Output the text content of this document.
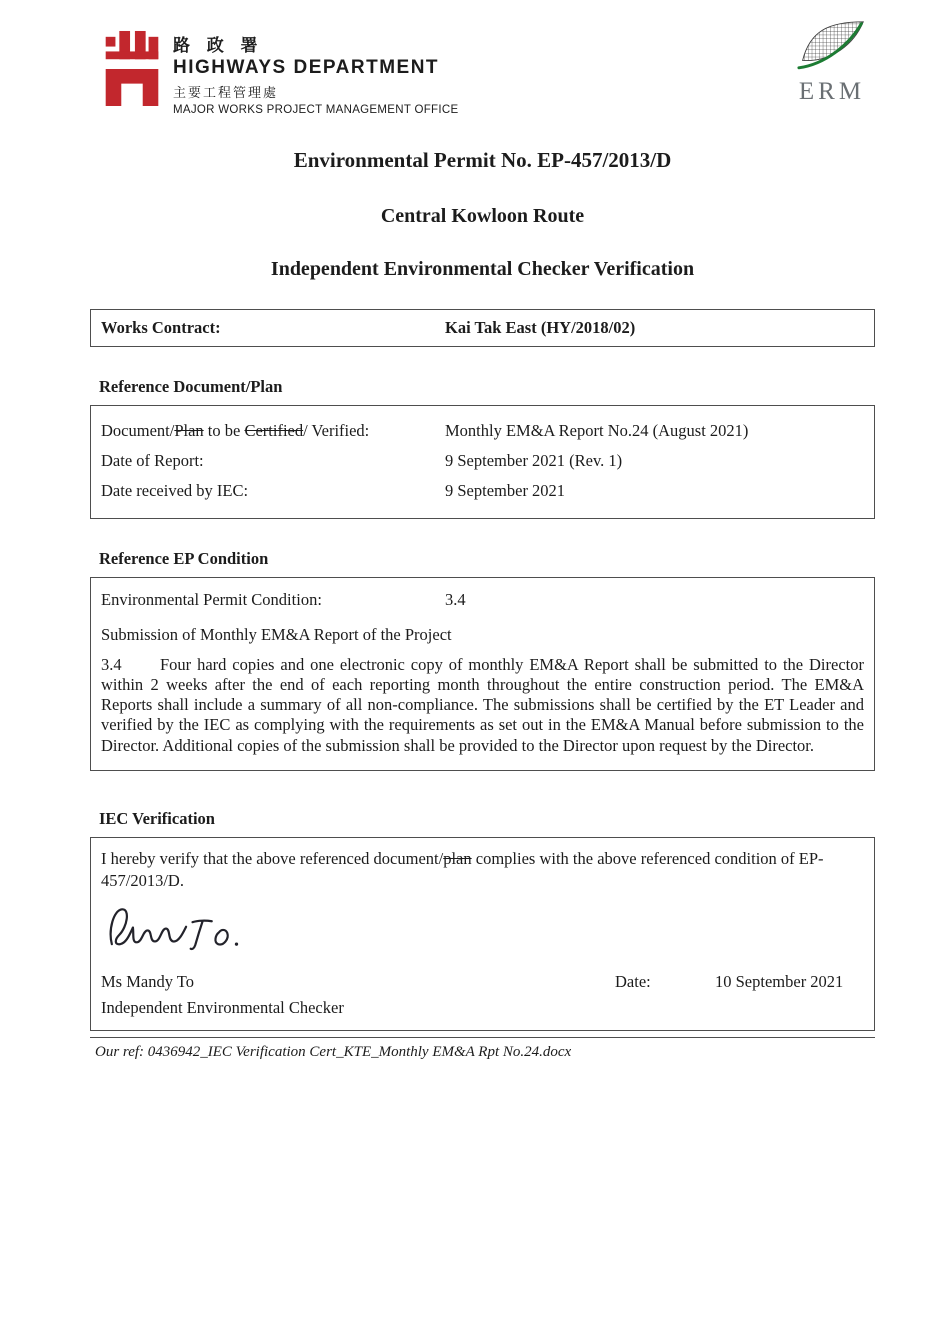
路 政 署
HIGHWAYS DEPARTMENT
主要工程管理處
MAJOR WORKS PROJECT MANAGEMENT OFFICE
ERM
Environmental Permit No. EP-457/2013/D
Central Kowloon Route
Independent Environmental Checker Verification
Works Contract:	Kai Tak East (HY/2018/02)
Reference Document/Plan
Document/Plan to be Certified/ Verified:	Monthly EM&A Report No.24 (August 2021)
Date of Report:	9 September 2021 (Rev. 1)
Date received by IEC:	9 September 2021
Reference EP Condition
Environmental Permit Condition:	3.4

Submission of Monthly EM&A Report of the Project

3.4 Four hard copies and one electronic copy of monthly EM&A Report shall be submitted to the Director within 2 weeks after the end of each reporting month throughout the entire construction period. The EM&A Reports shall include a summary of all non-compliance. The submissions shall be certified by the ET Leader and verified by the IEC as complying with the requirements as set out in the EM&A Manual before submission to the Director. Additional copies of the submission shall be provided to the Director upon request by the Director.

IEC Verification

I hereby verify that the above referenced document/plan complies with the above referenced condition of EP-457/2013/D.

Ms Mandy To	Date:	10 September 2021
Independent Environmental Checker

Our ref: 0436942_IEC Verification Cert_KTE_Monthly EM&A Rpt No.24.docx
